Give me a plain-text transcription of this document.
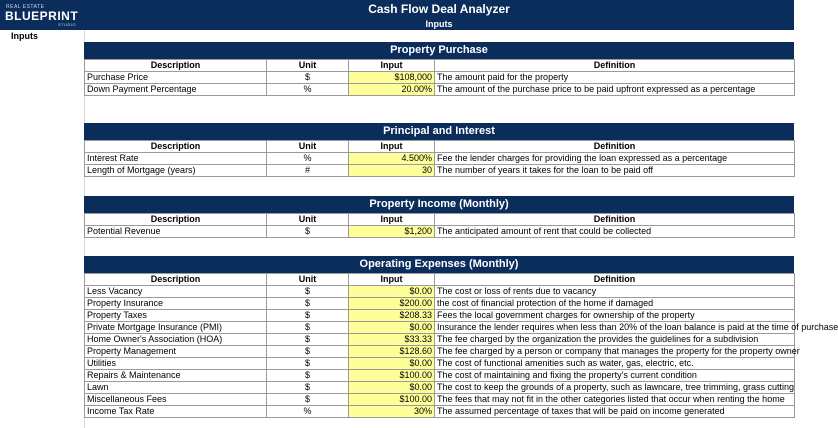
REAL ESTATE
BLUEPRINT
STUDIO
Inputs
Cash Flow Deal Analyzer
Inputs
Property Purchase
Description	Unit	Input	Definition
Purchase Price	$	$108,000	The amount paid for the property
Down Payment Percentage	%	20.00%	The amount of the purchase price to be paid upfront expressed as a percentage
Principal and Interest
Description	Unit	Input	Definition
Interest Rate	%	4.500%	Fee the lender charges for providing the loan expressed as a percentage
Length of Mortgage (years)	#	30	The number of years it takes for the loan to be paid off
Property Income (Monthly)
Description	Unit	Input	Definition
Potential Revenue	$	$1,200	The anticipated amount of rent that could be collected
Operating Expenses (Monthly)
Description	Unit	Input	Definition
Less Vacancy	$	$0.00	The cost or loss of rents due to vacancy
Property Insurance	$	$200.00	the cost of financial protection of the home if damaged
Property Taxes	$	$208.33	Fees the local government charges for ownership of the property
Private Mortgage Insurance (PMI)	$	$0.00	Insurance the lender requires when less than 20% of the loan balance is paid at the time of purchase
Home Owner's Association (HOA)	$	$33.33	The fee charged by the organization the provides the guidelines for a subdivision
Property Management	$	$128.60	The fee charged by a person or company that manages the property for the property owner
Utilities	$	$0.00	The cost of functional amenities such as water, gas, electric, etc.
Repairs & Maintenance	$	$100.00	The cost of maintaining and fixing the property's current condition
Lawn	$	$0.00	The cost to keep the grounds of a property, such as lawncare, tree trimming, grass cutting
Miscellaneous Fees	$	$100.00	The fees that may not fit in the other categories listed that occur when renting the home
Income Tax Rate	%	30%	The assumed percentage of taxes that will be paid on income generated
